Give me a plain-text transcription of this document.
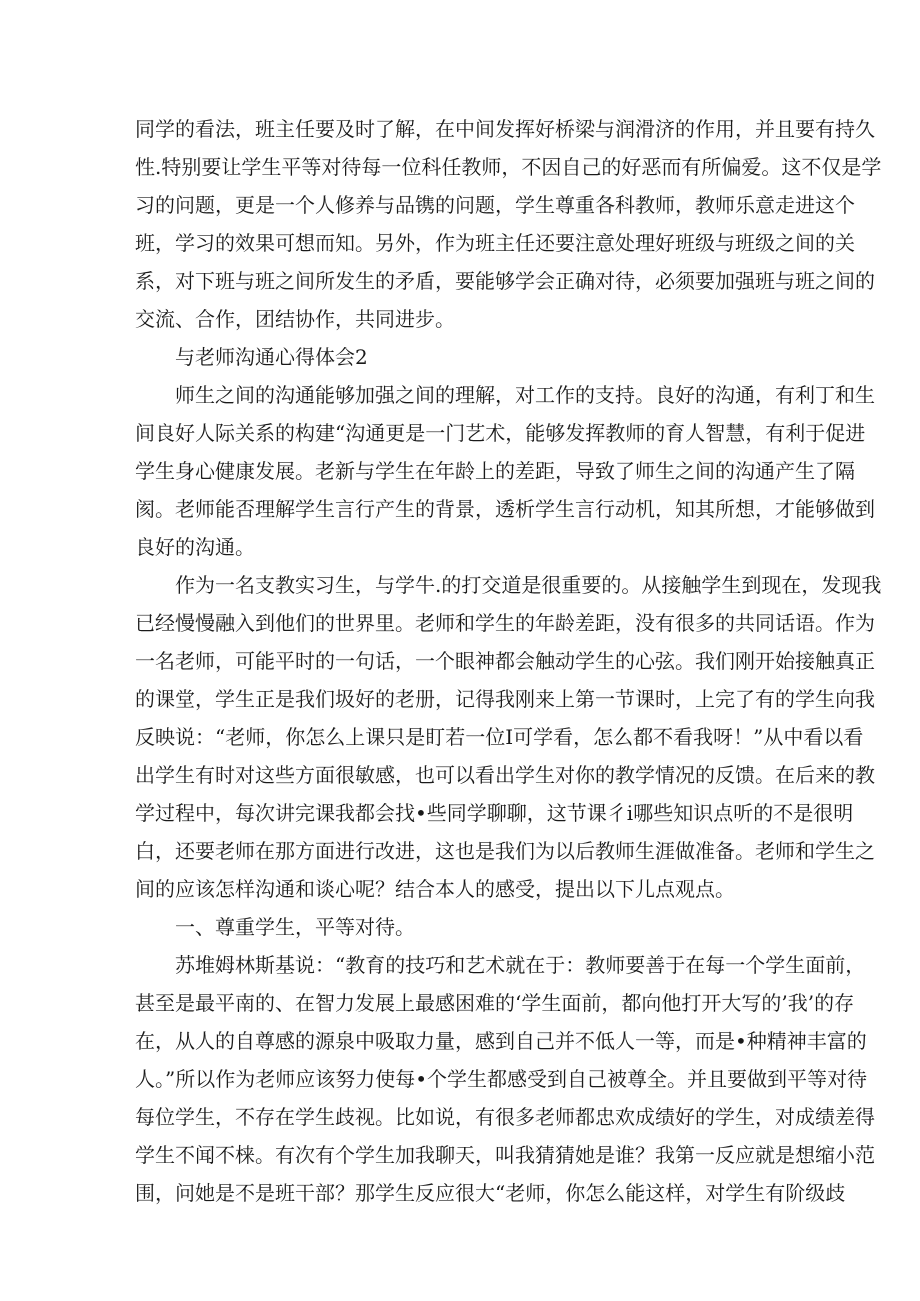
同学的看法，班主任要及时了解，在中间发挥好桥梁与润滑济的作用，并且要有持久
性.特别要让学生平等对待每一位科任教师，不因自己的好恶而有所偏爱。这不仅是学
习的问题，更是一个人修养与品镌的问题，学生尊重各科教师，教师乐意走进这个
班，学习的效果可想而知。另外，作为班主任还要注意处理好班级与班级之间的关
系，对下班与班之间所发生的矛盾，要能够学会正确对待，必须要加强班与班之间的
交流、合作，团结协作，共同进步。
与老师沟通心得体会2
师生之间的沟通能够加强之间的理解，对工作的支持。良好的沟通，有利丁和生
间良好人际关系的构建“沟通更是一门艺术，能够发挥教师的育人智慧，有利于促进
学生身心健康发展。老新与学生在年龄上的差距，导致了师生之间的沟通产生了隔
阂。老师能否理解学生言行产生的背景，透析学生言行动机，知其所想，才能够做到
良好的沟通。
作为一名支教实习生，与学牛.的打交道是很重要的。从接触学生到现在，发现我
已经慢慢融入到他们的世界里。老师和学生的年龄差距，没有很多的共同话语。作为
一名老师，可能平时的一句话，一个眼神都会触动学生的心弦。我们刚开始接触真正
的课堂，学生正是我们圾好的老册，记得我刚来上第一节课时，上完了有的学生向我
反映说：“老师，你怎么上课只是盯若一位I可学看，怎么都不看我呀！”从中看以看
出学生有时对这些方面很敏感，也可以看出学生对你的教学情况的反馈。在后来的教
学过程中，每次讲完课我都会找•些同学聊聊，这节课彳i哪些知识点听的不是很明
白，还要老师在那方面进行改进，这也是我们为以后教师生涯做准备。老师和学生之
间的应该怎样沟通和谈心呢？结合本人的感受，提出以下儿点观点。
一、尊重学生，平等对待。
苏堆姆林斯基说：“教育的技巧和艺术就在于：教师要善于在每一个学生面前，
甚至是最平南的、在智力发展上最感困难的‘学生面前，都向他打开大写的’我’的存
在，从人的自尊感的源泉中吸取力量，感到自己并不低人一等，而是•种精神丰富的
人。”所以作为老师应该努力使每•个学生都感受到自己被尊全。并且要做到平等对待
每位学生，不存在学生歧视。比如说，有很多老师都忠欢成绩好的学生，对成绩差得
学生不闻不梾。有次有个学生加我聊天，叫我猜猜她是谁？我第一反应就是想缩小范
围，问她是不是班干部？那学生反应很大“老师，你怎么能这样，对学生有阶级歧
